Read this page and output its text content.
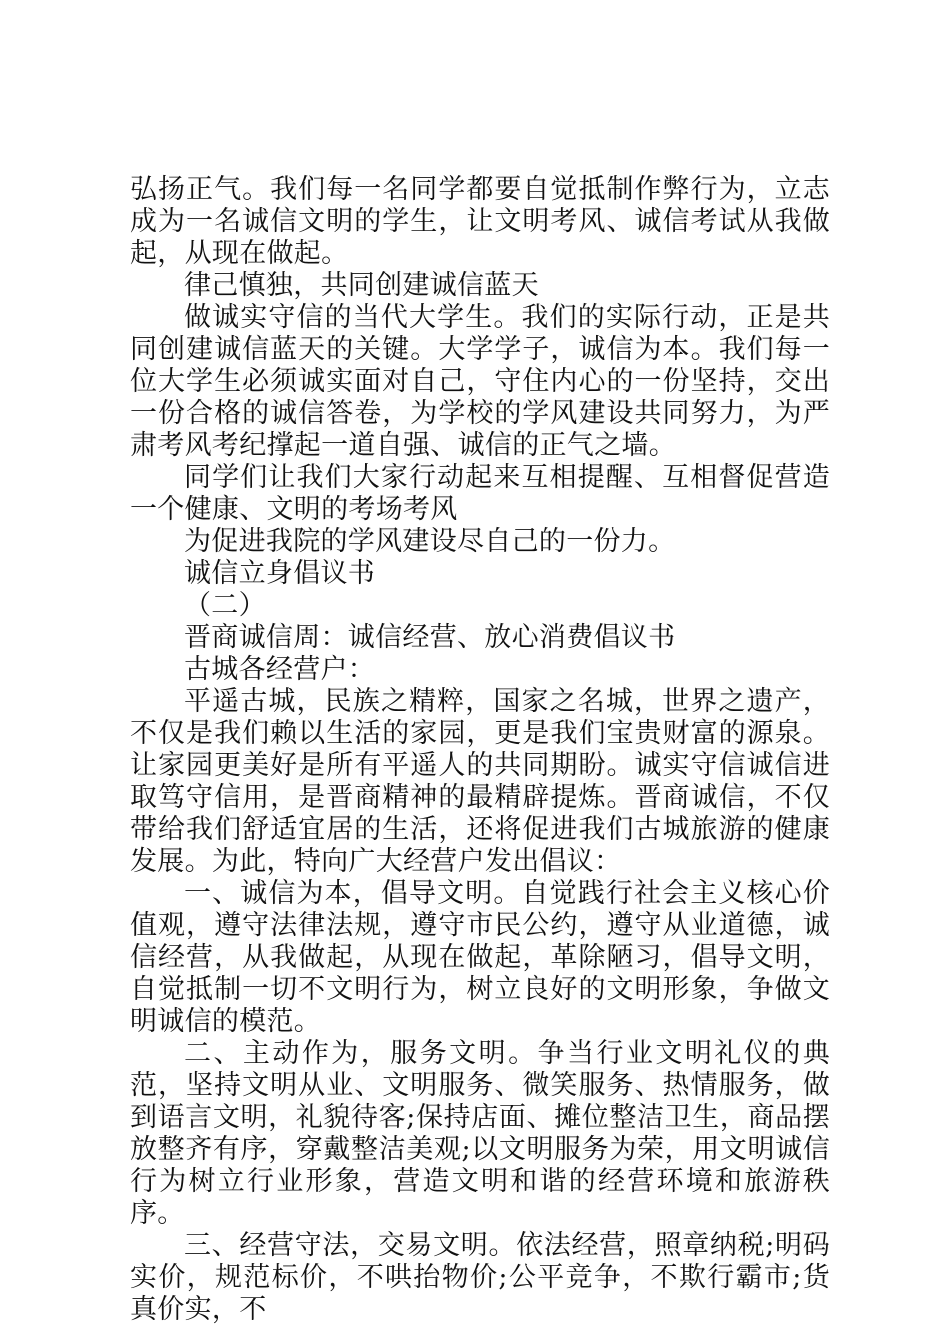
弘扬正气。我们每一名同学都要自觉抵制作弊行为，立志成为一名诚信文明的学生，让文明考风、诚信考试从我做起，从现在做起。

律己慎独，共同创建诚信蓝天

做诚实守信的当代大学生。我们的实际行动，正是共同创建诚信蓝天的关键。大学学子，诚信为本。我们每一位大学生必须诚实面对自己，守住内心的一份坚持，交出一份合格的诚信答卷，为学校的学风建设共同努力，为严肃考风考纪撑起一道自强、诚信的正气之墙。

同学们让我们大家行动起来互相提醒、互相督促营造一个健康、文明的考场考风

为促进我院的学风建设尽自己的一份力。

诚信立身倡议书

（二）

晋商诚信周：诚信经营、放心消费倡议书

古城各经营户：

平遥古城，民族之精粹，国家之名城，世界之遗产，不仅是我们赖以生活的家园，更是我们宝贵财富的源泉。让家园更美好是所有平遥人的共同期盼。诚实守信诚信进取笃守信用，是晋商精神的最精辟提炼。晋商诚信，不仅带给我们舒适宜居的生活，还将促进我们古城旅游的健康发展。为此，特向广大经营户发出倡议：

一、诚信为本，倡导文明。自觉践行社会主义核心价值观，遵守法律法规，遵守市民公约，遵守从业道德，诚信经营，从我做起，从现在做起，革除陋习，倡导文明，自觉抵制一切不文明行为，树立良好的文明形象，争做文明诚信的模范。

二、主动作为，服务文明。争当行业文明礼仪的典范，坚持文明从业、文明服务、微笑服务、热情服务，做到语言文明，礼貌待客;保持店面、摊位整洁卫生，商品摆放整齐有序，穿戴整洁美观;以文明服务为荣，用文明诚信行为树立行业形象，营造文明和谐的经营环境和旅游秩序。

三、经营守法，交易文明。依法经营，照章纳税;明码实价，规范标价，不哄抬物价;公平竞争，不欺行霸市;货真价实，不
